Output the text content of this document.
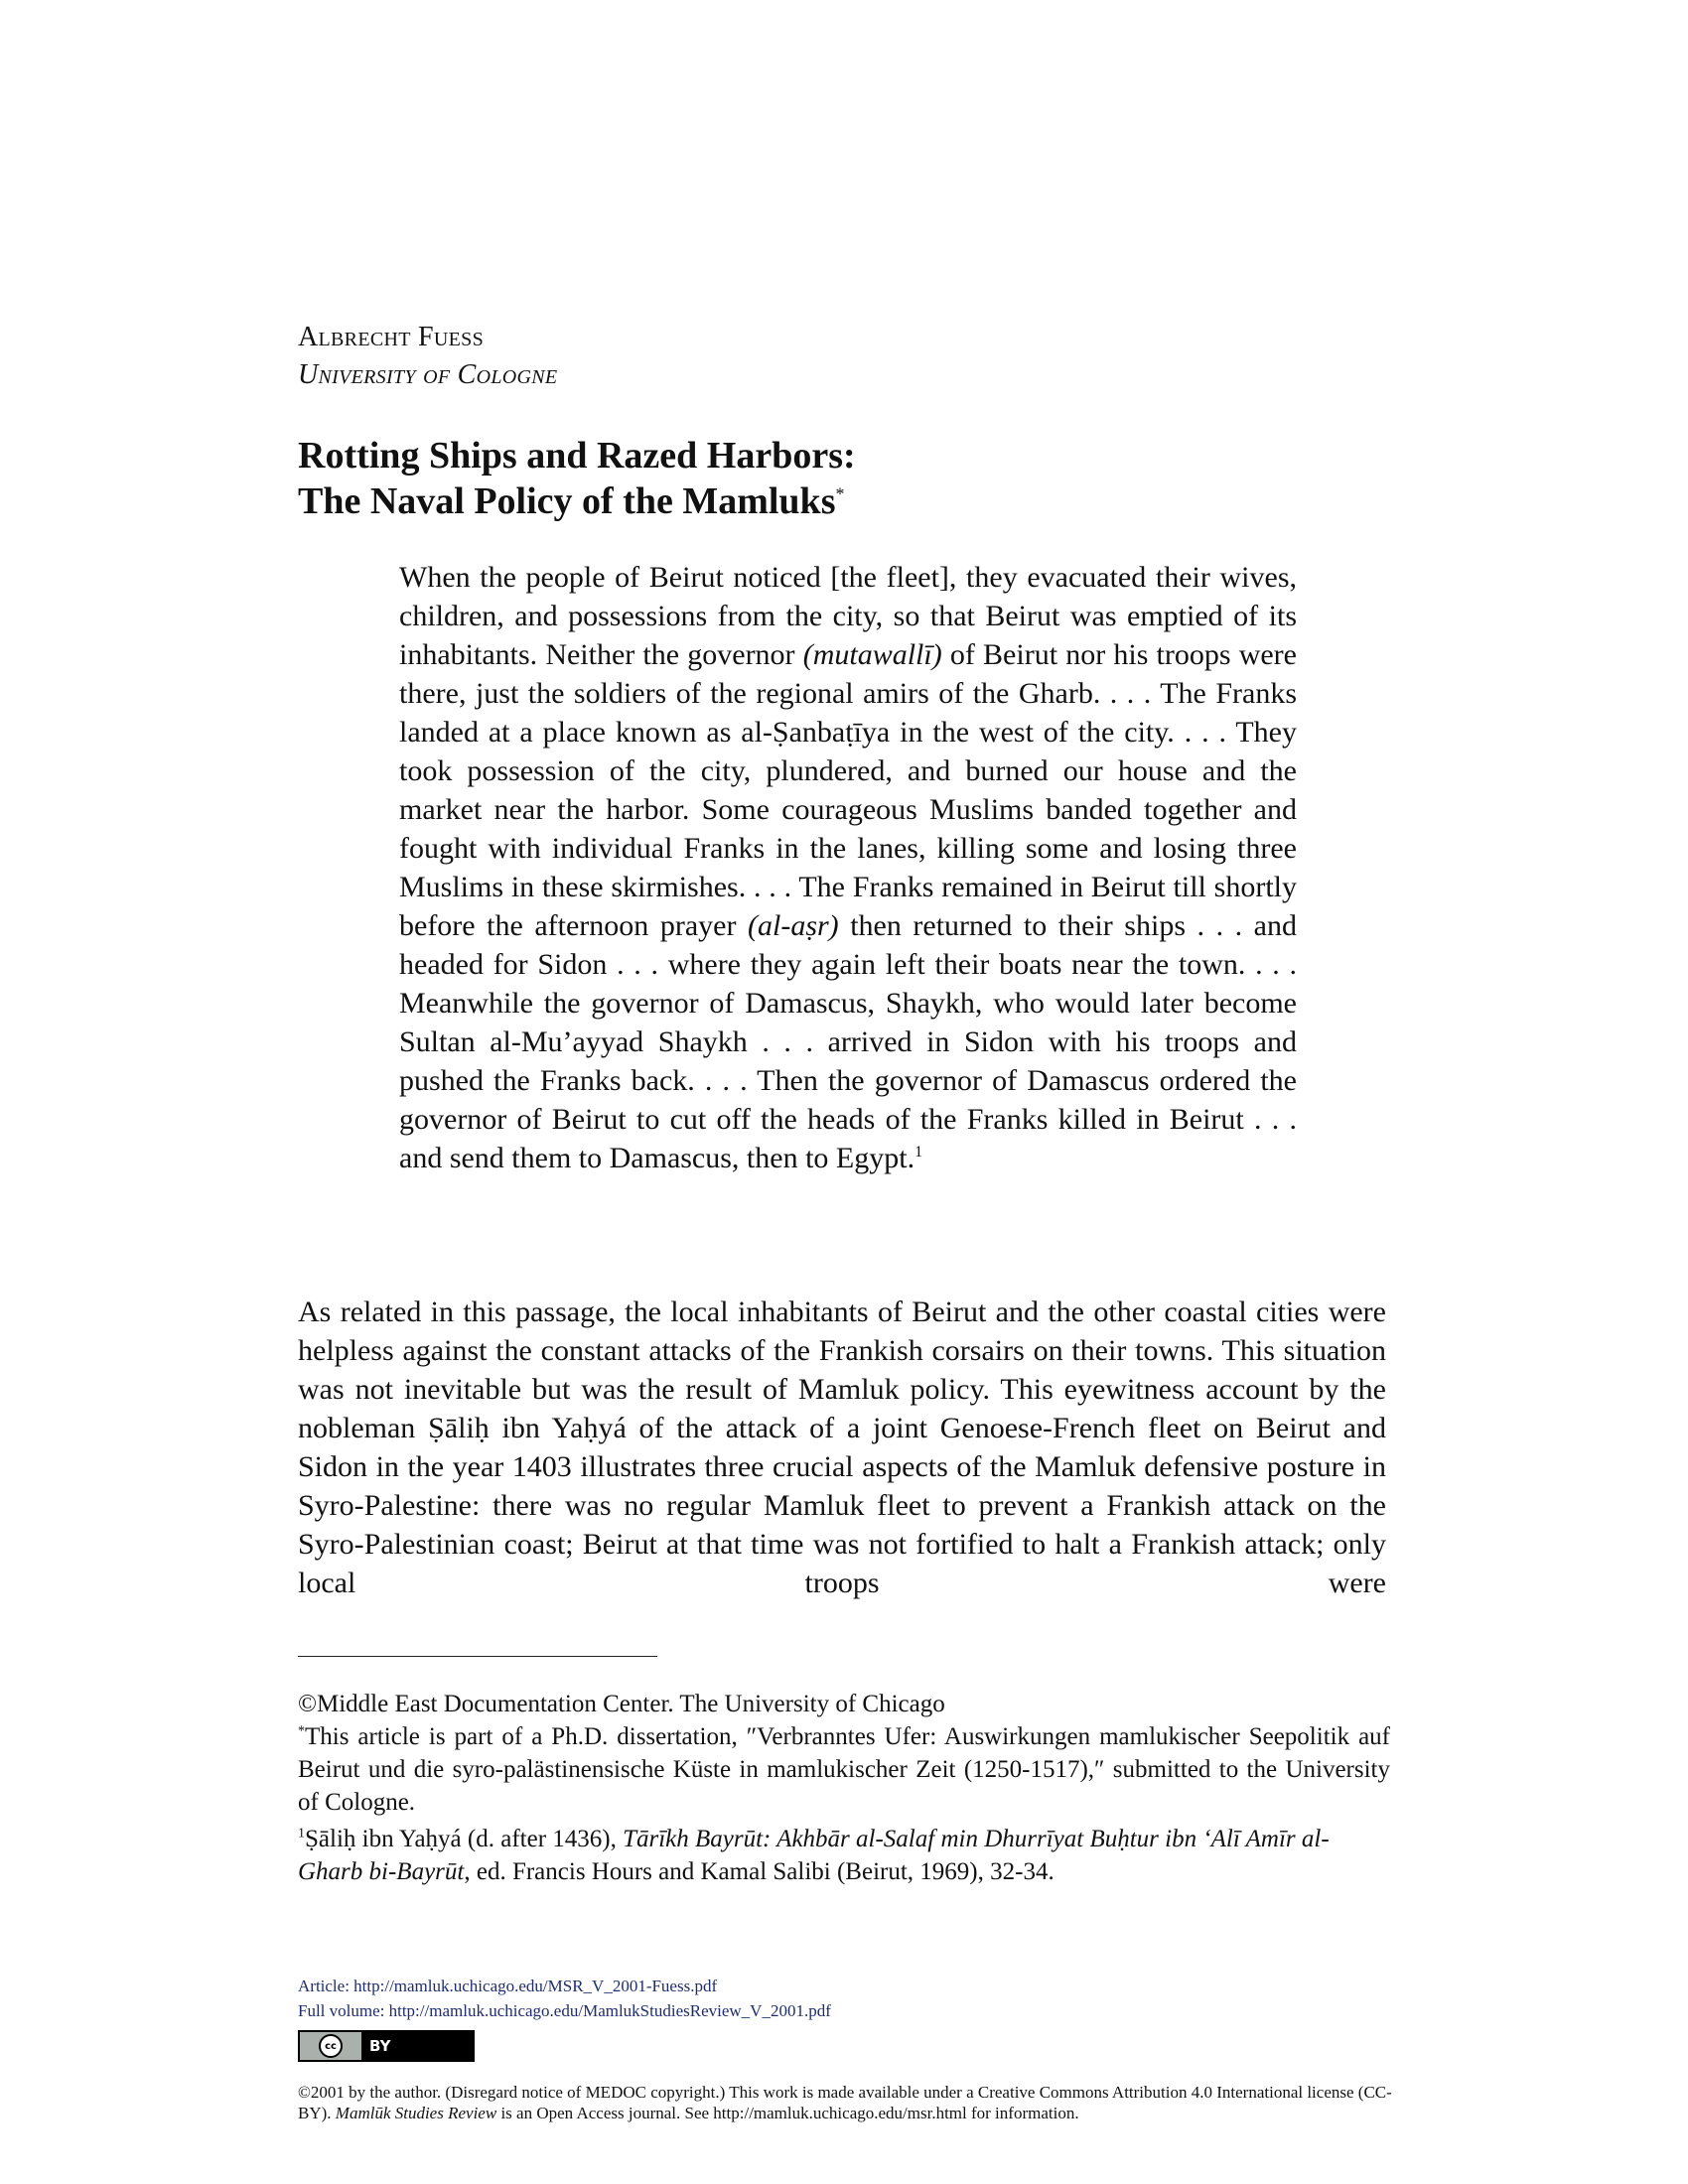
Albrecht Fuess
University of Cologne
Rotting Ships and Razed Harbors:
The Naval Policy of the Mamluks*
When the people of Beirut noticed [the fleet], they evacuated their wives, children, and possessions from the city, so that Beirut was emptied of its inhabitants. Neither the governor (mutawallī) of Beirut nor his troops were there, just the soldiers of the regional amirs of the Gharb. . . . The Franks landed at a place known as al-Ṣanbaṭīya in the west of the city. . . . They took possession of the city, plundered, and burned our house and the market near the harbor. Some courageous Muslims banded together and fought with individual Franks in the lanes, killing some and losing three Muslims in these skirmishes. . . . The Franks remained in Beirut till shortly before the afternoon prayer (al-aṣr) then returned to their ships . . . and headed for Sidon . . . where they again left their boats near the town. . . . Meanwhile the governor of Damascus, Shaykh, who would later become Sultan al-Mu’ayyad Shaykh . . . arrived in Sidon with his troops and pushed the Franks back. . . . Then the governor of Damascus ordered the governor of Beirut to cut off the heads of the Franks killed in Beirut . . . and send them to Damascus, then to Egypt.$^1$
As related in this passage, the local inhabitants of Beirut and the other coastal cities were helpless against the constant attacks of the Frankish corsairs on their towns. This situation was not inevitable but was the result of Mamluk policy. This eyewitness account by the nobleman Ṣāliḥ ibn Yaḥyá of the attack of a joint Genoese-French fleet on Beirut and Sidon in the year 1403 illustrates three crucial aspects of the Mamluk defensive posture in Syro-Palestine: there was no regular Mamluk fleet to prevent a Frankish attack on the Syro-Palestinian coast; Beirut at that time was not fortified to halt a Frankish attack; only local troops were

©Middle East Documentation Center. The University of Chicago

*This article is part of a Ph.D. dissertation, ″Verbranntes Ufer: Auswirkungen mamlukischer Seepolitik auf Beirut und die syro-palästinensische Küste in mamlukischer Zeit (1250-1517),″ submitted to the University of Cologne.

$^1$Ṣāliḥ ibn Yaḥyá (d. after 1436), Tārīkh Bayrūt: Akhbār al-Salaf min Dhurrīyat Buḥtur ibn ‘Alī Amīr al-Gharb bi-Bayrūt, ed. Francis Hours and Kamal Salibi (Beirut, 1969), 32-34.

Article: http://mamluk.uchicago.edu/MSR_V_2001-Fuess.pdf
Full volume: http://mamluk.uchicago.edu/MamlukStudiesReview_V_2001.pdf
cc	BY
©2001 by the author. (Disregard notice of MEDOC copyright.) This work is made available under a Creative Commons Attribution 4.0 International license (CC-BY). Mamlūk Studies Review is an Open Access journal. See http://mamluk.uchicago.edu/msr.html for information.
